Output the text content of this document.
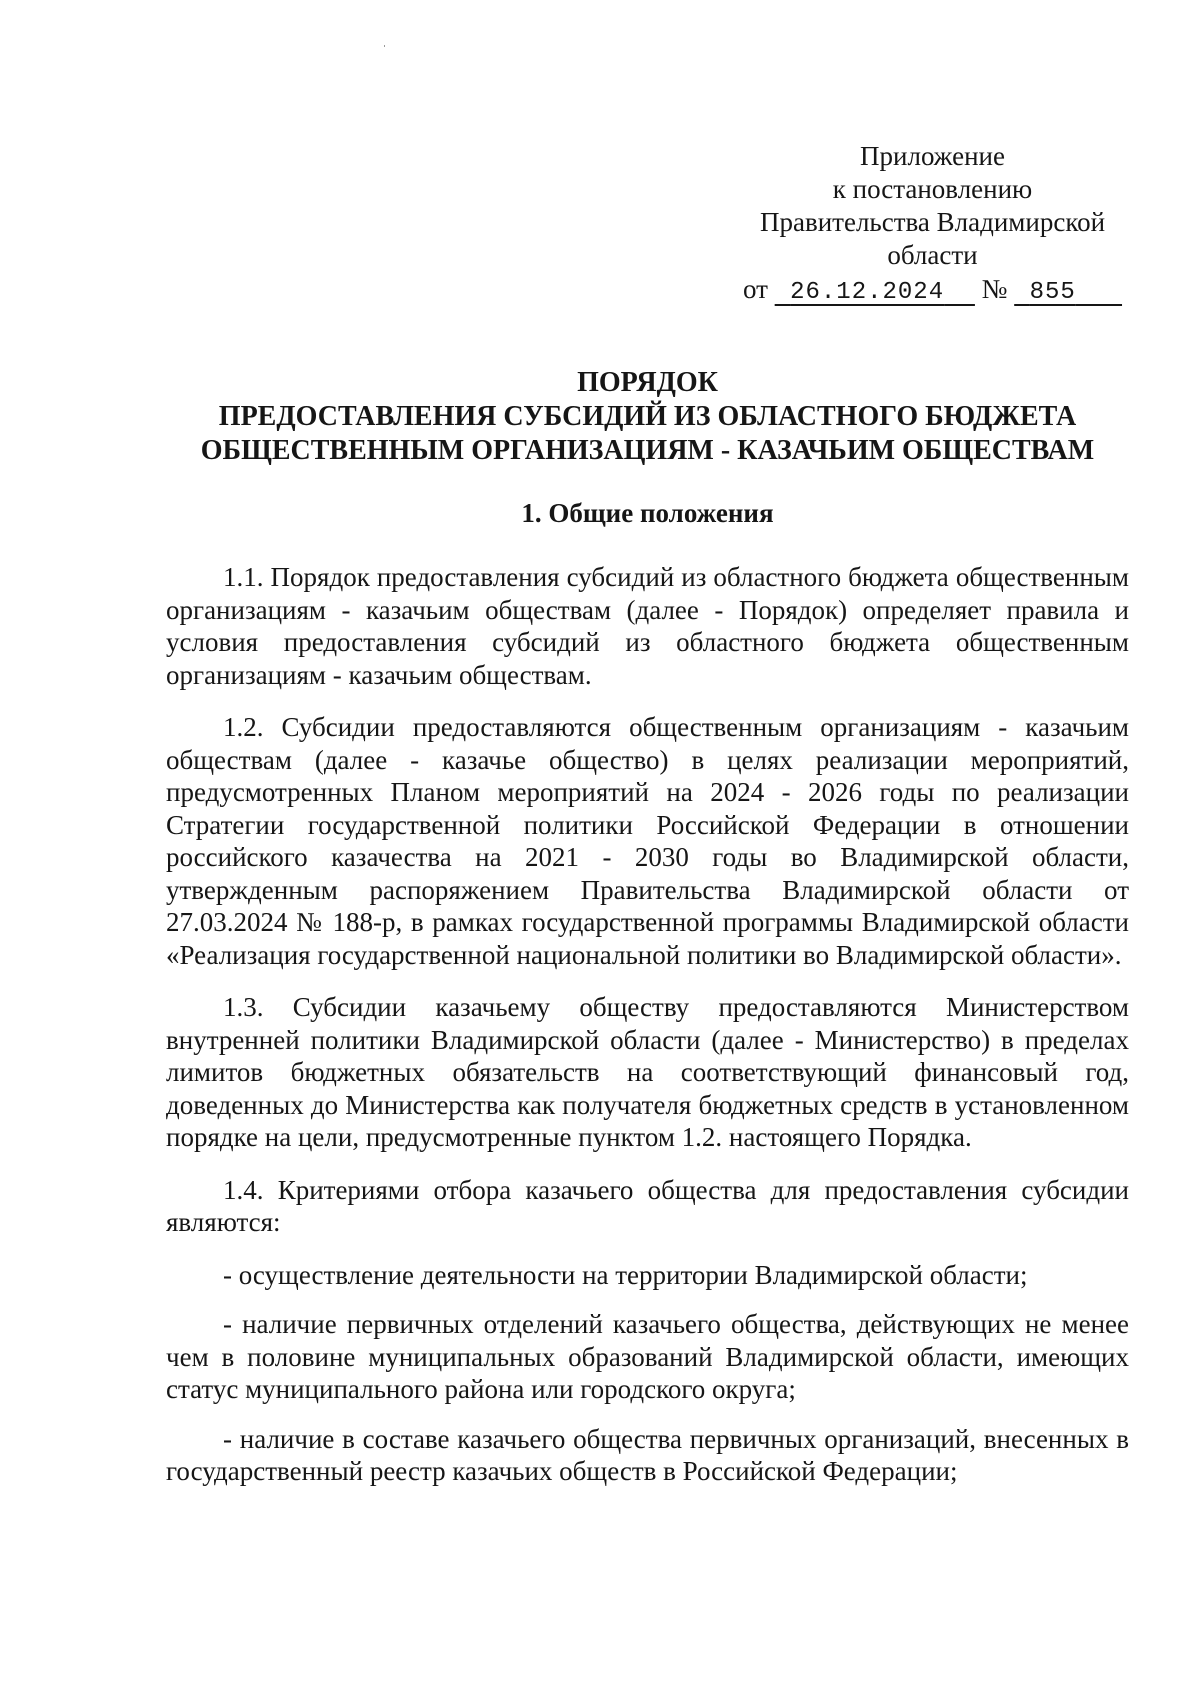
Приложение
к постановлению
Правительства Владимирской
области
от 26.12.2024 № 855
ПОРЯДОК
ПРЕДОСТАВЛЕНИЯ СУБСИДИЙ ИЗ ОБЛАСТНОГО БЮДЖЕТА
ОБЩЕСТВЕННЫМ ОРГАНИЗАЦИЯМ - КАЗАЧЬИМ ОБЩЕСТВАМ
1. Общие положения

1.1. Порядок предоставления субсидий из областного бюджета общественным организациям - казачьим обществам (далее - Порядок) определяет правила и условия предоставления субсидий из областного бюджета общественным организациям - казачьим обществам.

1.2. Субсидии предоставляются общественным организациям - казачьим обществам (далее - казачье общество) в целях реализации мероприятий, предусмотренных Планом мероприятий на 2024 - 2026 годы по реализации Стратегии государственной политики Российской Федерации в отношении российского казачества на 2021 - 2030 годы во Владимирской области, утвержденным распоряжением Правительства Владимирской области от 27.03.2024 № 188-р, в рамках государственной программы Владимирской области «Реализация государственной национальной политики во Владимирской области».

1.3. Субсидии казачьему обществу предоставляются Министерством внутренней политики Владимирской области (далее - Министерство) в пределах лимитов бюджетных обязательств на соответствующий финансовый год, доведенных до Министерства как получателя бюджетных средств в установленном порядке на цели, предусмотренные пунктом 1.2. настоящего Порядка.

1.4. Критериями отбора казачьего общества для предоставления субсидии являются:

- осуществление деятельности на территории Владимирской области;

- наличие первичных отделений казачьего общества, действующих не менее чем в половине муниципальных образований Владимирской области, имеющих статус муниципального района или городского округа;

- наличие в составе казачьего общества первичных организаций, внесенных в государственный реестр казачьих обществ в Российской Федерации;
